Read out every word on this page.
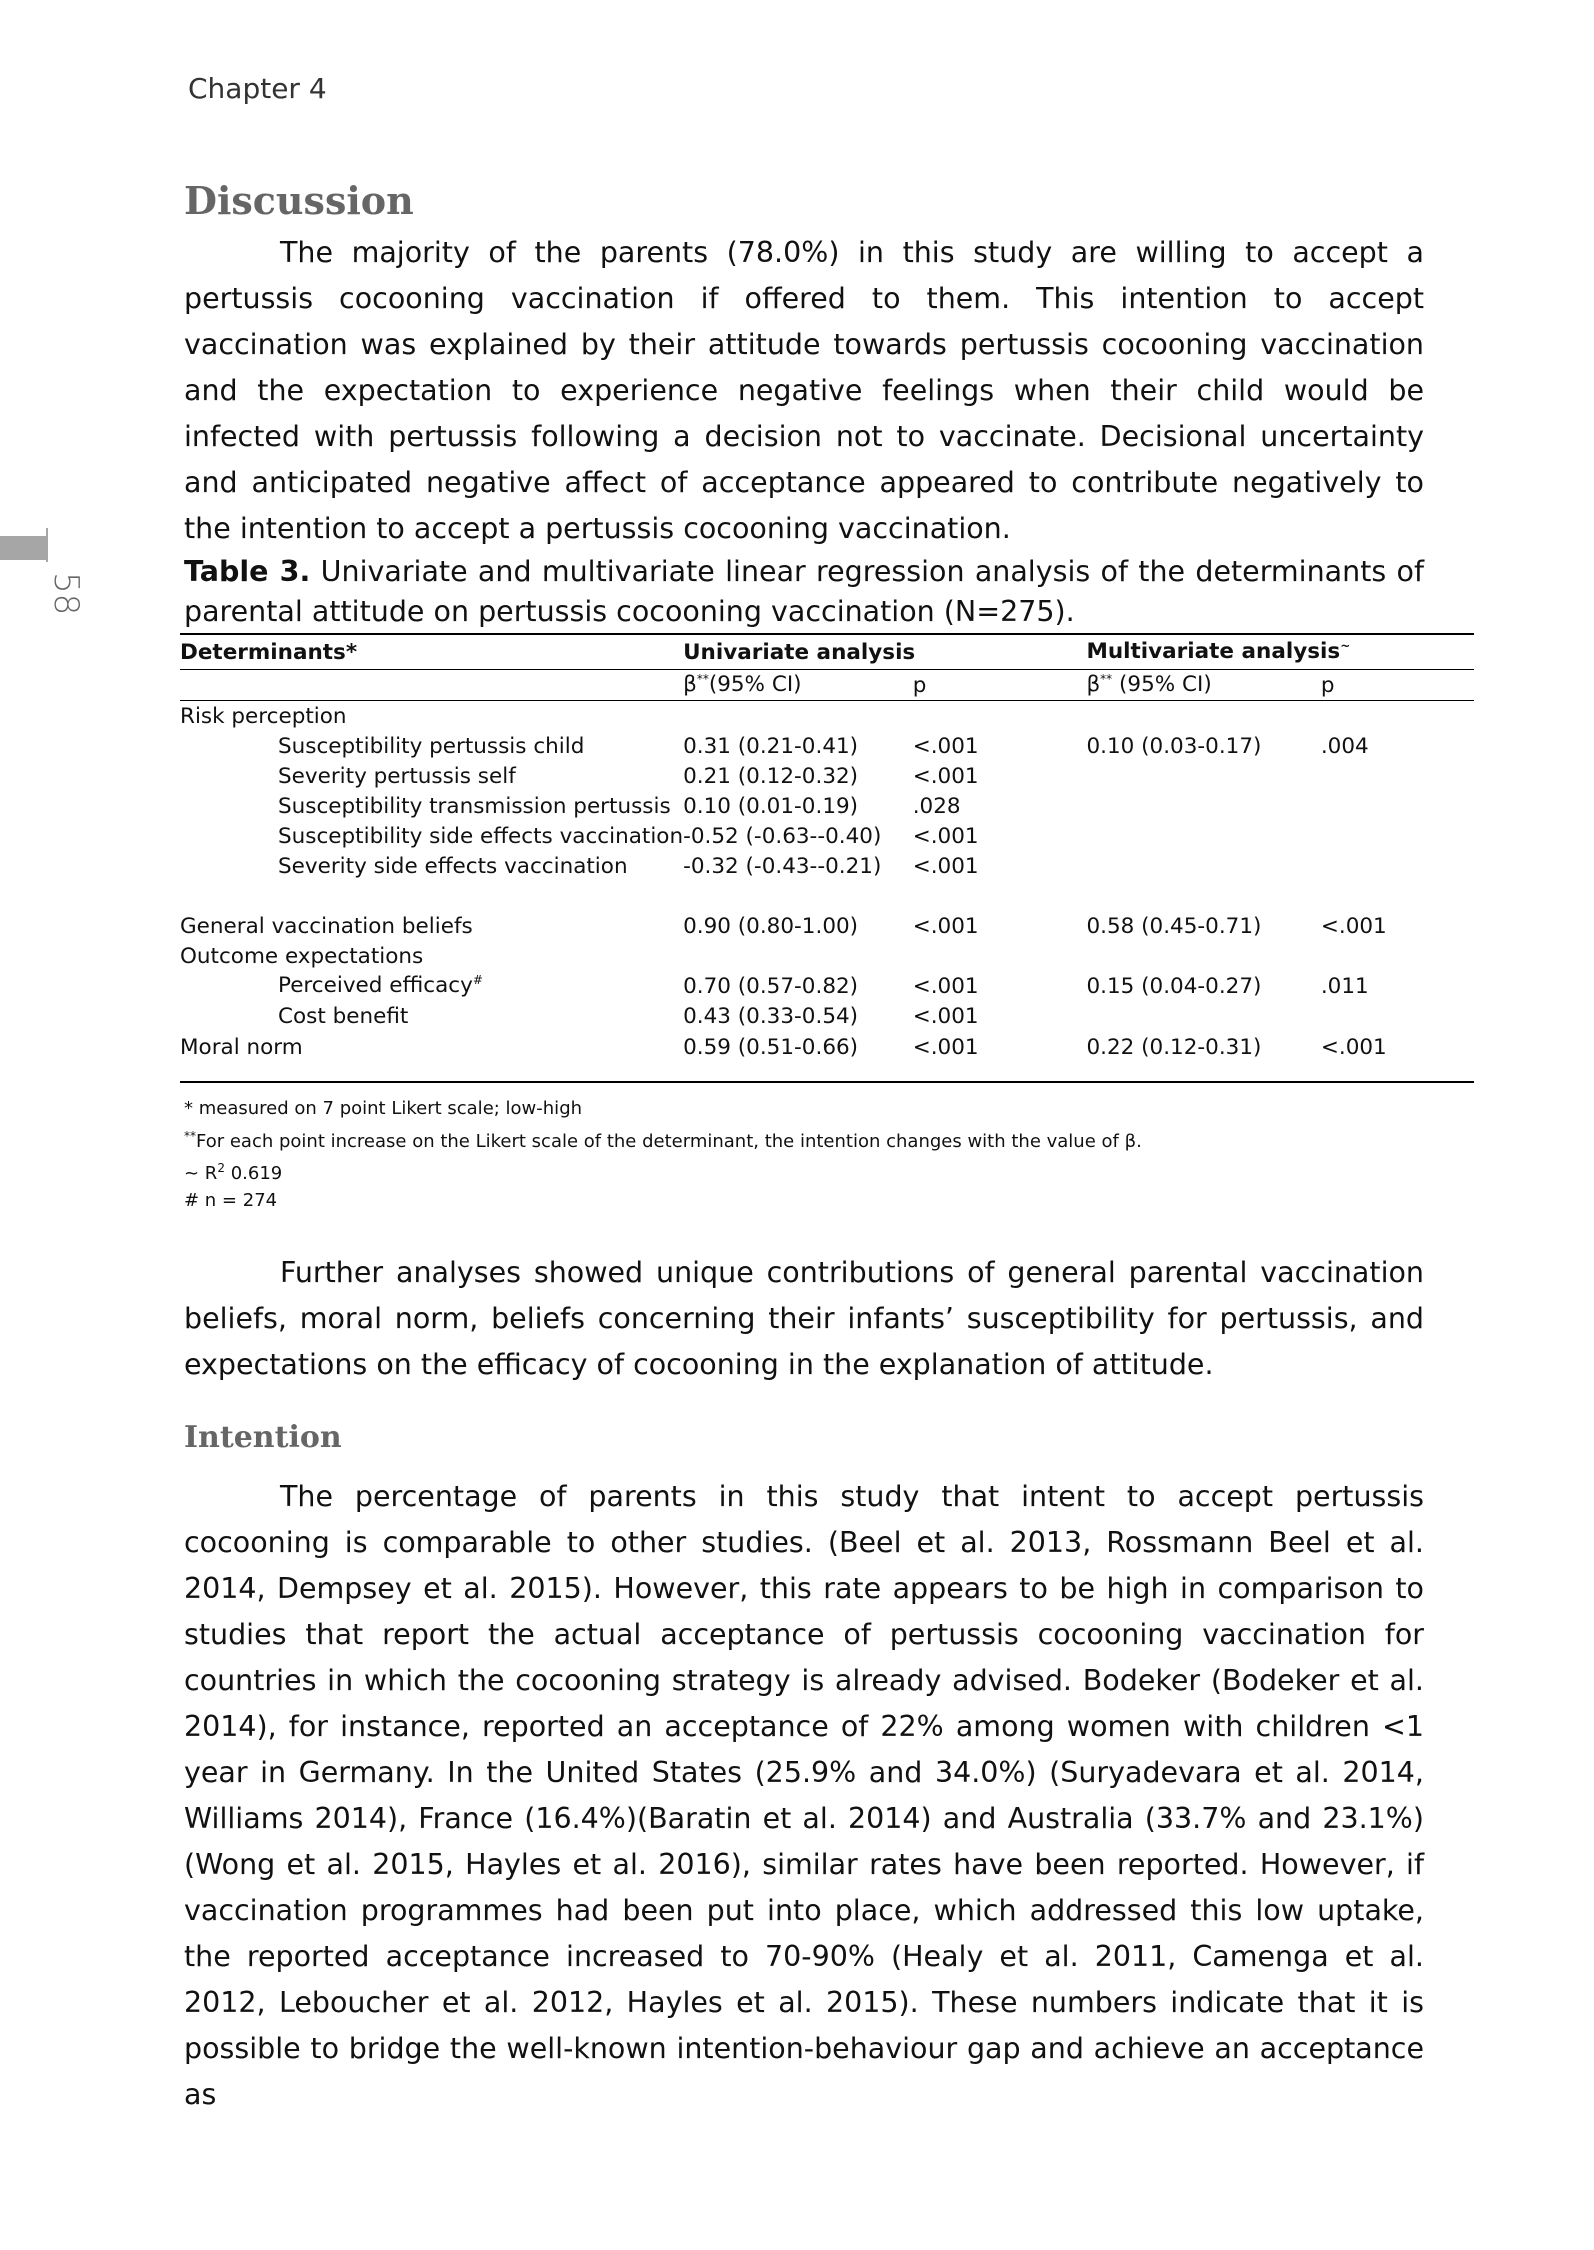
Chapter 4
58
Discussion

The majority of the parents (78.0%) in this study are willing to accept a pertussis cocooning vaccination if offered to them. This intention to accept vaccination was explained by their attitude towards pertussis cocooning vaccination and the expectation to experience negative feelings when their child would be infected with pertussis following a decision not to vaccinate. Decisional uncertainty and anticipated negative affect of acceptance appeared to contribute negatively to the intention to accept a pertussis cocooning vaccination.

Table 3. Univariate and multivariate linear regression analysis of the determinants of parental attitude on pertussis cocooning vaccination (N=275).

Determinants*	Univariate analysis		Multivariate analysis~
	β**(95% CI)	p	β** (95% CI)	p
Risk perception				
Susceptibility pertussis child	0.31 (0.21-0.41)	<.001	0.10 (0.03-0.17)	.004
Severity pertussis self	0.21 (0.12-0.32)	<.001		
Susceptibility transmission pertussis	0.10 (0.01-0.19)	.028		
Susceptibility side effects vaccination	-0.52 (-0.63--0.40)	<.001		
Severity side effects vaccination	-0.32 (-0.43--0.21)	<.001		

General vaccination beliefs	0.90 (0.80-1.00)	<.001	0.58 (0.45-0.71)	<.001
Outcome expectations				
Perceived efficacy#	0.70 (0.57-0.82)	<.001	0.15 (0.04-0.27)	.011
Cost benefit	0.43 (0.33-0.54)	<.001		
Moral norm	0.59 (0.51-0.66)	<.001	0.22 (0.12-0.31)	<.001
* measured on 7 point Likert scale; low-high
**For each point increase on the Likert scale of the determinant, the intention changes with the value of β.
~ $R^2$ 0.619
# n = 274

Further analyses showed unique contributions of general parental vaccination beliefs, moral norm, beliefs concerning their infants’ susceptibility for pertussis, and expectations on the efficacy of cocooning in the explanation of attitude.

Intention

The percentage of parents in this study that intent to accept pertussis cocooning is comparable to other studies. (Beel et al. 2013, Rossmann Beel et al. 2014, Dempsey et al. 2015). However, this rate appears to be high in comparison to studies that report the actual acceptance of pertussis cocooning vaccination for countries in which the cocooning strategy is already advised. Bodeker (Bodeker et al. 2014), for instance, reported an acceptance of 22% among women with children <1 year in Germany. In the United States (25.9% and 34.0%) (Suryadevara et al. 2014, Williams 2014), France (16.4%)(Baratin et al. 2014) and Australia (33.7% and 23.1%) (Wong et al. 2015, Hayles et al. 2016), similar rates have been reported. However, if vaccination programmes had been put into place, which addressed this low uptake, the reported acceptance increased to 70-90% (Healy et al. 2011, Camenga et al. 2012, Leboucher et al. 2012, Hayles et al. 2015). These numbers indicate that it is possible to bridge the well-known intention-behaviour gap and achieve an acceptance as
